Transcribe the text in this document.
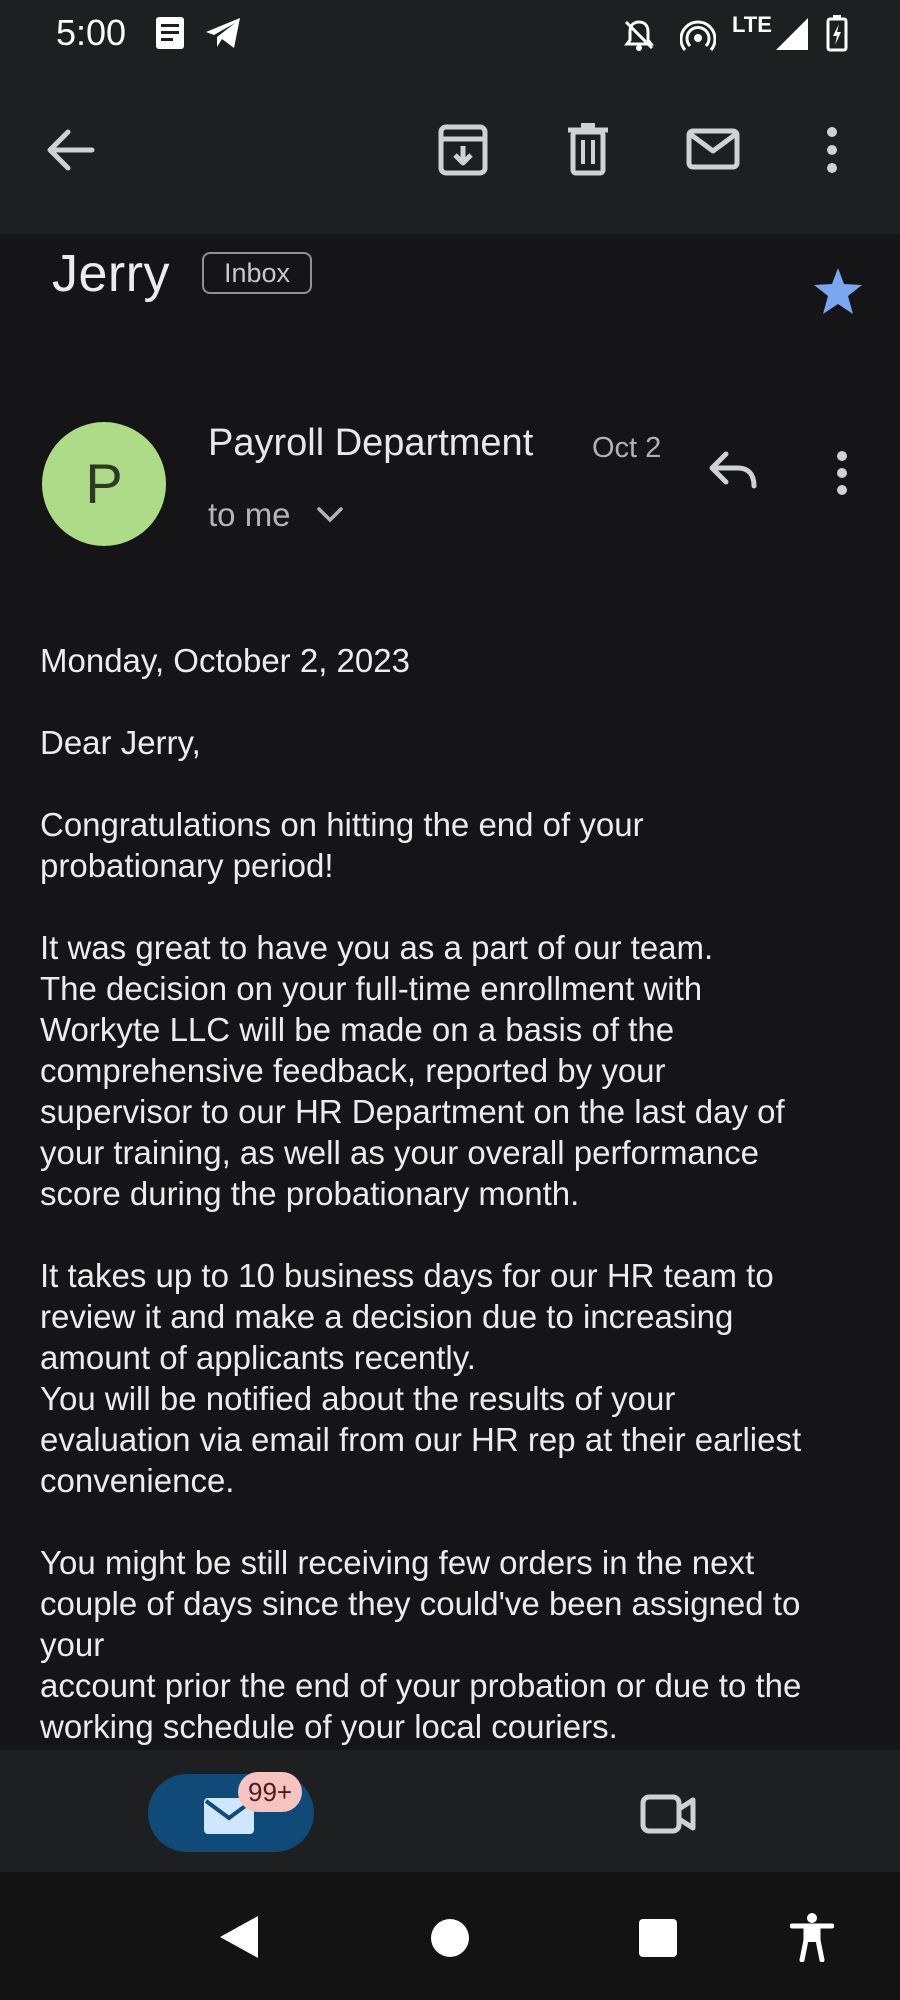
5:00	LTE
Jerry	Inbox
P
Payroll Department Oct 2
to me

Monday, October 2, 2023

Dear Jerry,

Congratulations on hitting the end of your
probationary period!

It was great to have you as a part of our team.
The decision on your full-time enrollment with
Workyte LLC will be made on a basis of the
comprehensive feedback, reported by your
supervisor to our HR Department on the last day of
your training, as well as your overall performance
score during the probationary month.

It takes up to 10 business days for our HR team to
review it and make a decision due to increasing
amount of applicants recently.
You will be notified about the results of your
evaluation via email from our HR rep at their earliest
convenience.

You might be still receiving few orders in the next
couple of days since they could've been assigned to
your
account prior the end of your probation or due to the
working schedule of your local couriers.

99+
